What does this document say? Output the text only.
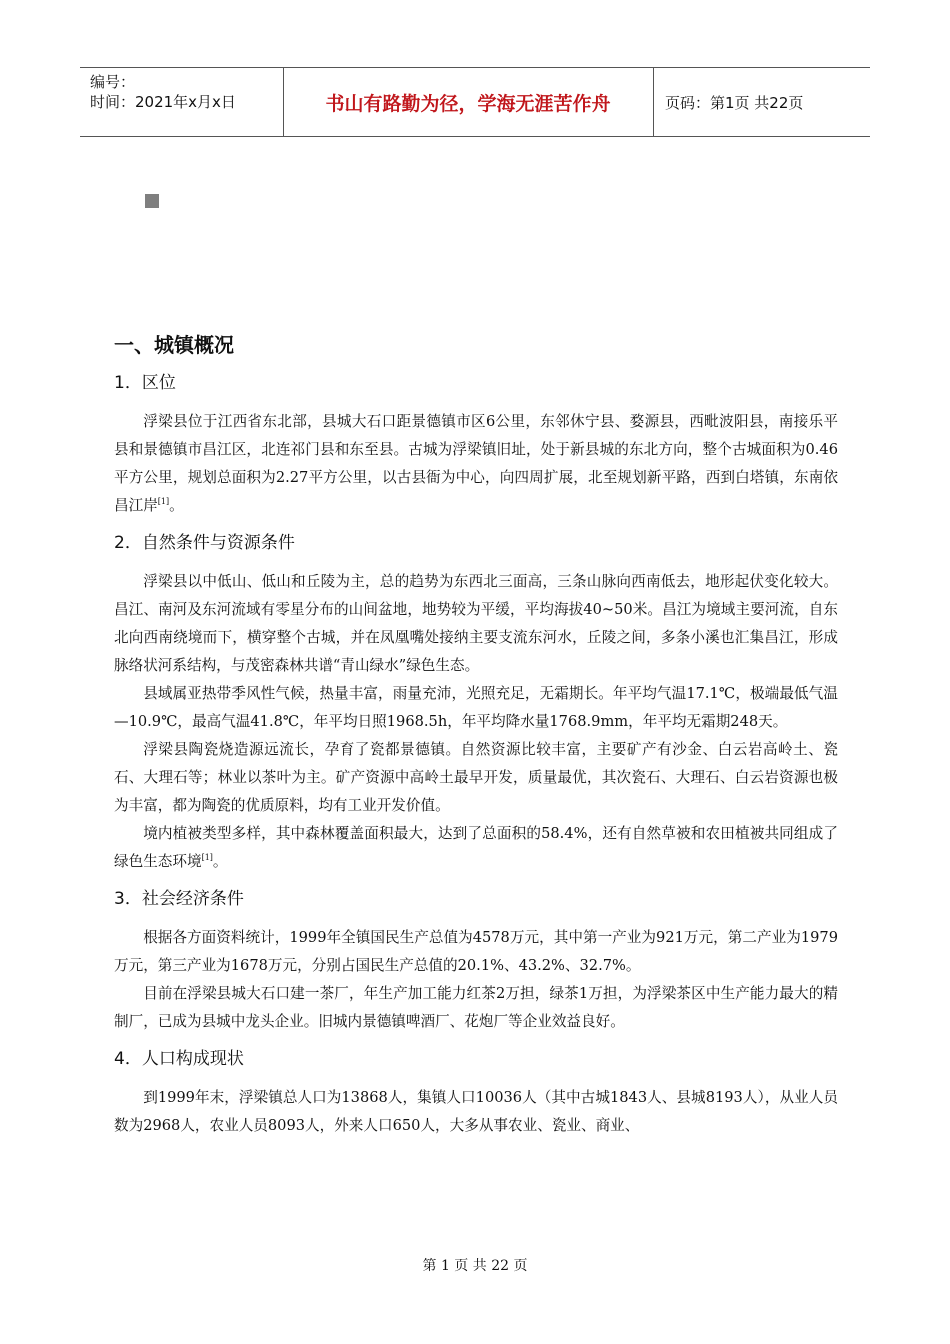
编号：
时间：2021年x月x日	书山有路勤为径，学海无涯苦作舟	页码：第1页 共22页
一、城镇概况
1．区位

浮梁县位于江西省东北部，县城大石口距景德镇市区6公里，东邻休宁县、婺源县，西毗波阳县，南接乐平县和景德镇市昌江区，北连祁门县和东至县。古城为浮梁镇旧址，处于新县城的东北方向，整个古城面积为0.46平方公里，规划总面积为2.27平方公里，以古县衙为中心，向四周扩展，北至规划新平路，西到白塔镇，东南依昌江岸[1]。

2．自然条件与资源条件

浮梁县以中低山、低山和丘陵为主，总的趋势为东西北三面高，三条山脉向西南低去，地形起伏变化较大。昌江、南河及东河流域有零星分布的山间盆地，地势较为平缓，平均海拔40~50米。昌江为境域主要河流，自东北向西南绕境而下，横穿整个古城，并在凤凰嘴处接纳主要支流东河水，丘陵之间，多条小溪也汇集昌江，形成脉络状河系结构，与茂密森林共谱“青山绿水”绿色生态。

县域属亚热带季风性气候，热量丰富，雨量充沛，光照充足，无霜期长。年平均气温17.1℃，极端最低气温—10.9℃，最高气温41.8℃，年平均日照1968.5h，年平均降水量1768.9mm，年平均无霜期248天。

浮梁县陶瓷烧造源远流长，孕育了瓷都景德镇。自然资源比较丰富，主要矿产有沙金、白云岩高岭土、瓷石、大理石等；林业以茶叶为主。矿产资源中高岭土最早开发，质量最优，其次瓷石、大理石、白云岩资源也极为丰富，都为陶瓷的优质原料，均有工业开发价值。

境内植被类型多样，其中森林覆盖面积最大，达到了总面积的58.4%，还有自然草被和农田植被共同组成了绿色生态环境[1]。

3．社会经济条件

根据各方面资料统计，1999年全镇国民生产总值为4578万元，其中第一产业为921万元，第二产业为1979万元，第三产业为1678万元，分别占国民生产总值的20.1%、43.2%、32.7%。

目前在浮梁县城大石口建一茶厂，年生产加工能力红茶2万担，绿茶1万担，为浮梁茶区中生产能力最大的精制厂，已成为县城中龙头企业。旧城内景德镇啤酒厂、花炮厂等企业效益良好。

4．人口构成现状

到1999年末，浮梁镇总人口为13868人，集镇人口10036人（其中古城1843人、县城8193人），从业人员数为2968人，农业人员8093人，外来人口650人，大多从事农业、瓷业、商业、

第 1 页 共 22 页
